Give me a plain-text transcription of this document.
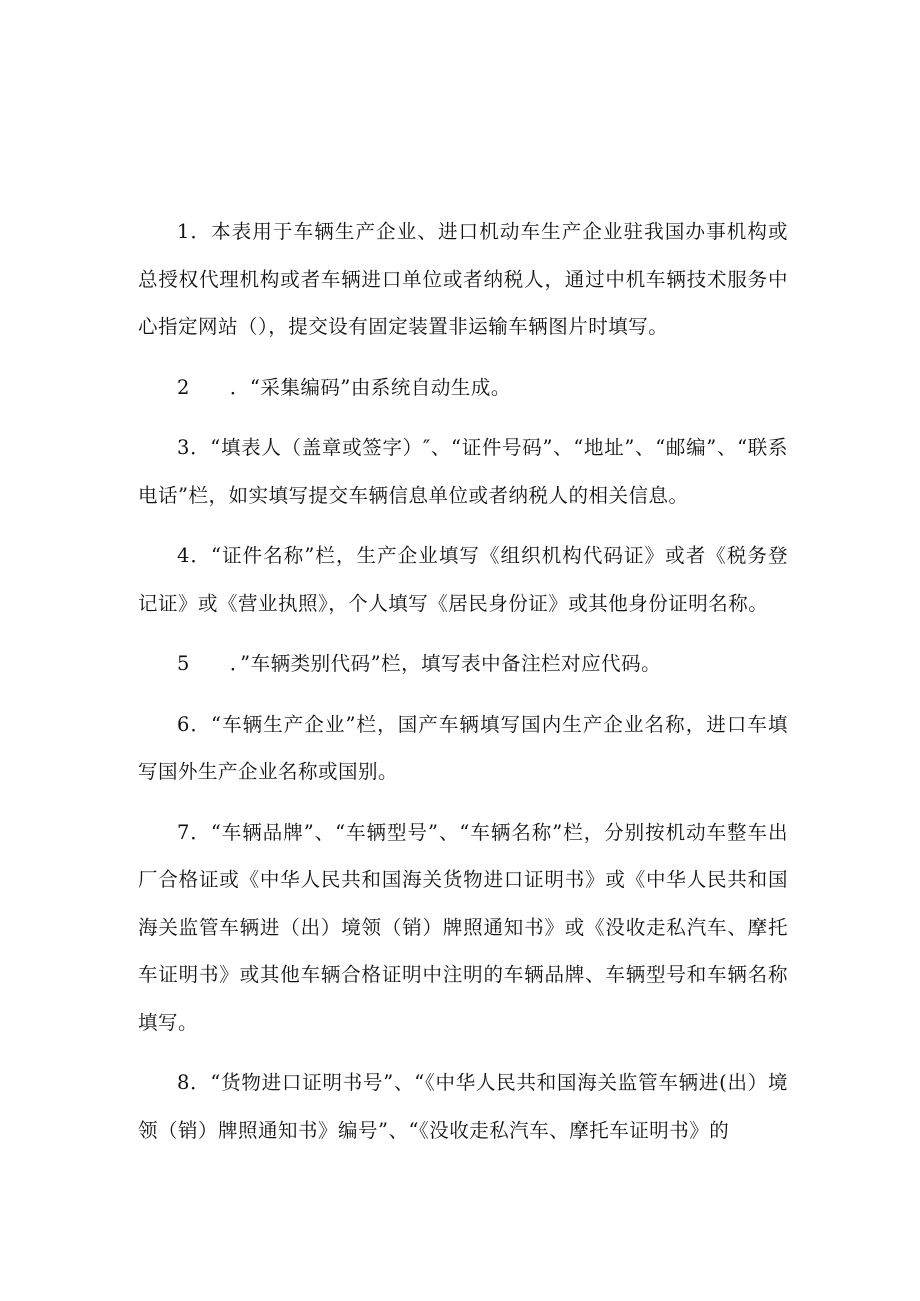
1．本表用于车辆生产企业、进口机动车生产企业驻我国办事机构或总授权代理机构或者车辆进口单位或者纳税人，通过中机车辆技术服务中心指定网站（），提交设有固定装置非运输车辆图片时填写。

2　　．“采集编码”由系统自动生成。

3．“填表人（盖章或签字）″、“证件号码”、“地址”、“邮编”、“联系电话”栏，如实填写提交车辆信息单位或者纳税人的相关信息。

4．“证件名称”栏，生产企业填写《组织机构代码证》或者《税务登记证》或《营业执照》，个人填写《居民身份证》或其他身份证明名称。

5　　．”车辆类别代码”栏，填写表中备注栏对应代码。

6．“车辆生产企业”栏，国产车辆填写国内生产企业名称，进口车填写国外生产企业名称或国别。

7．“车辆品牌”、“车辆型号”、“车辆名称”栏，分别按机动车整车出厂合格证或《中华人民共和国海关货物进口证明书》或《中华人民共和国海关监管车辆进（出）境领（销）牌照通知书》或《没收走私汽车、摩托车证明书》或其他车辆合格证明中注明的车辆品牌、车辆型号和车辆名称填写。

8．“货物进口证明书号”、“《中华人民共和国海关监管车辆进(出）境领（销）牌照通知书》编号”、“《没收走私汽车、摩托车证明书》的
